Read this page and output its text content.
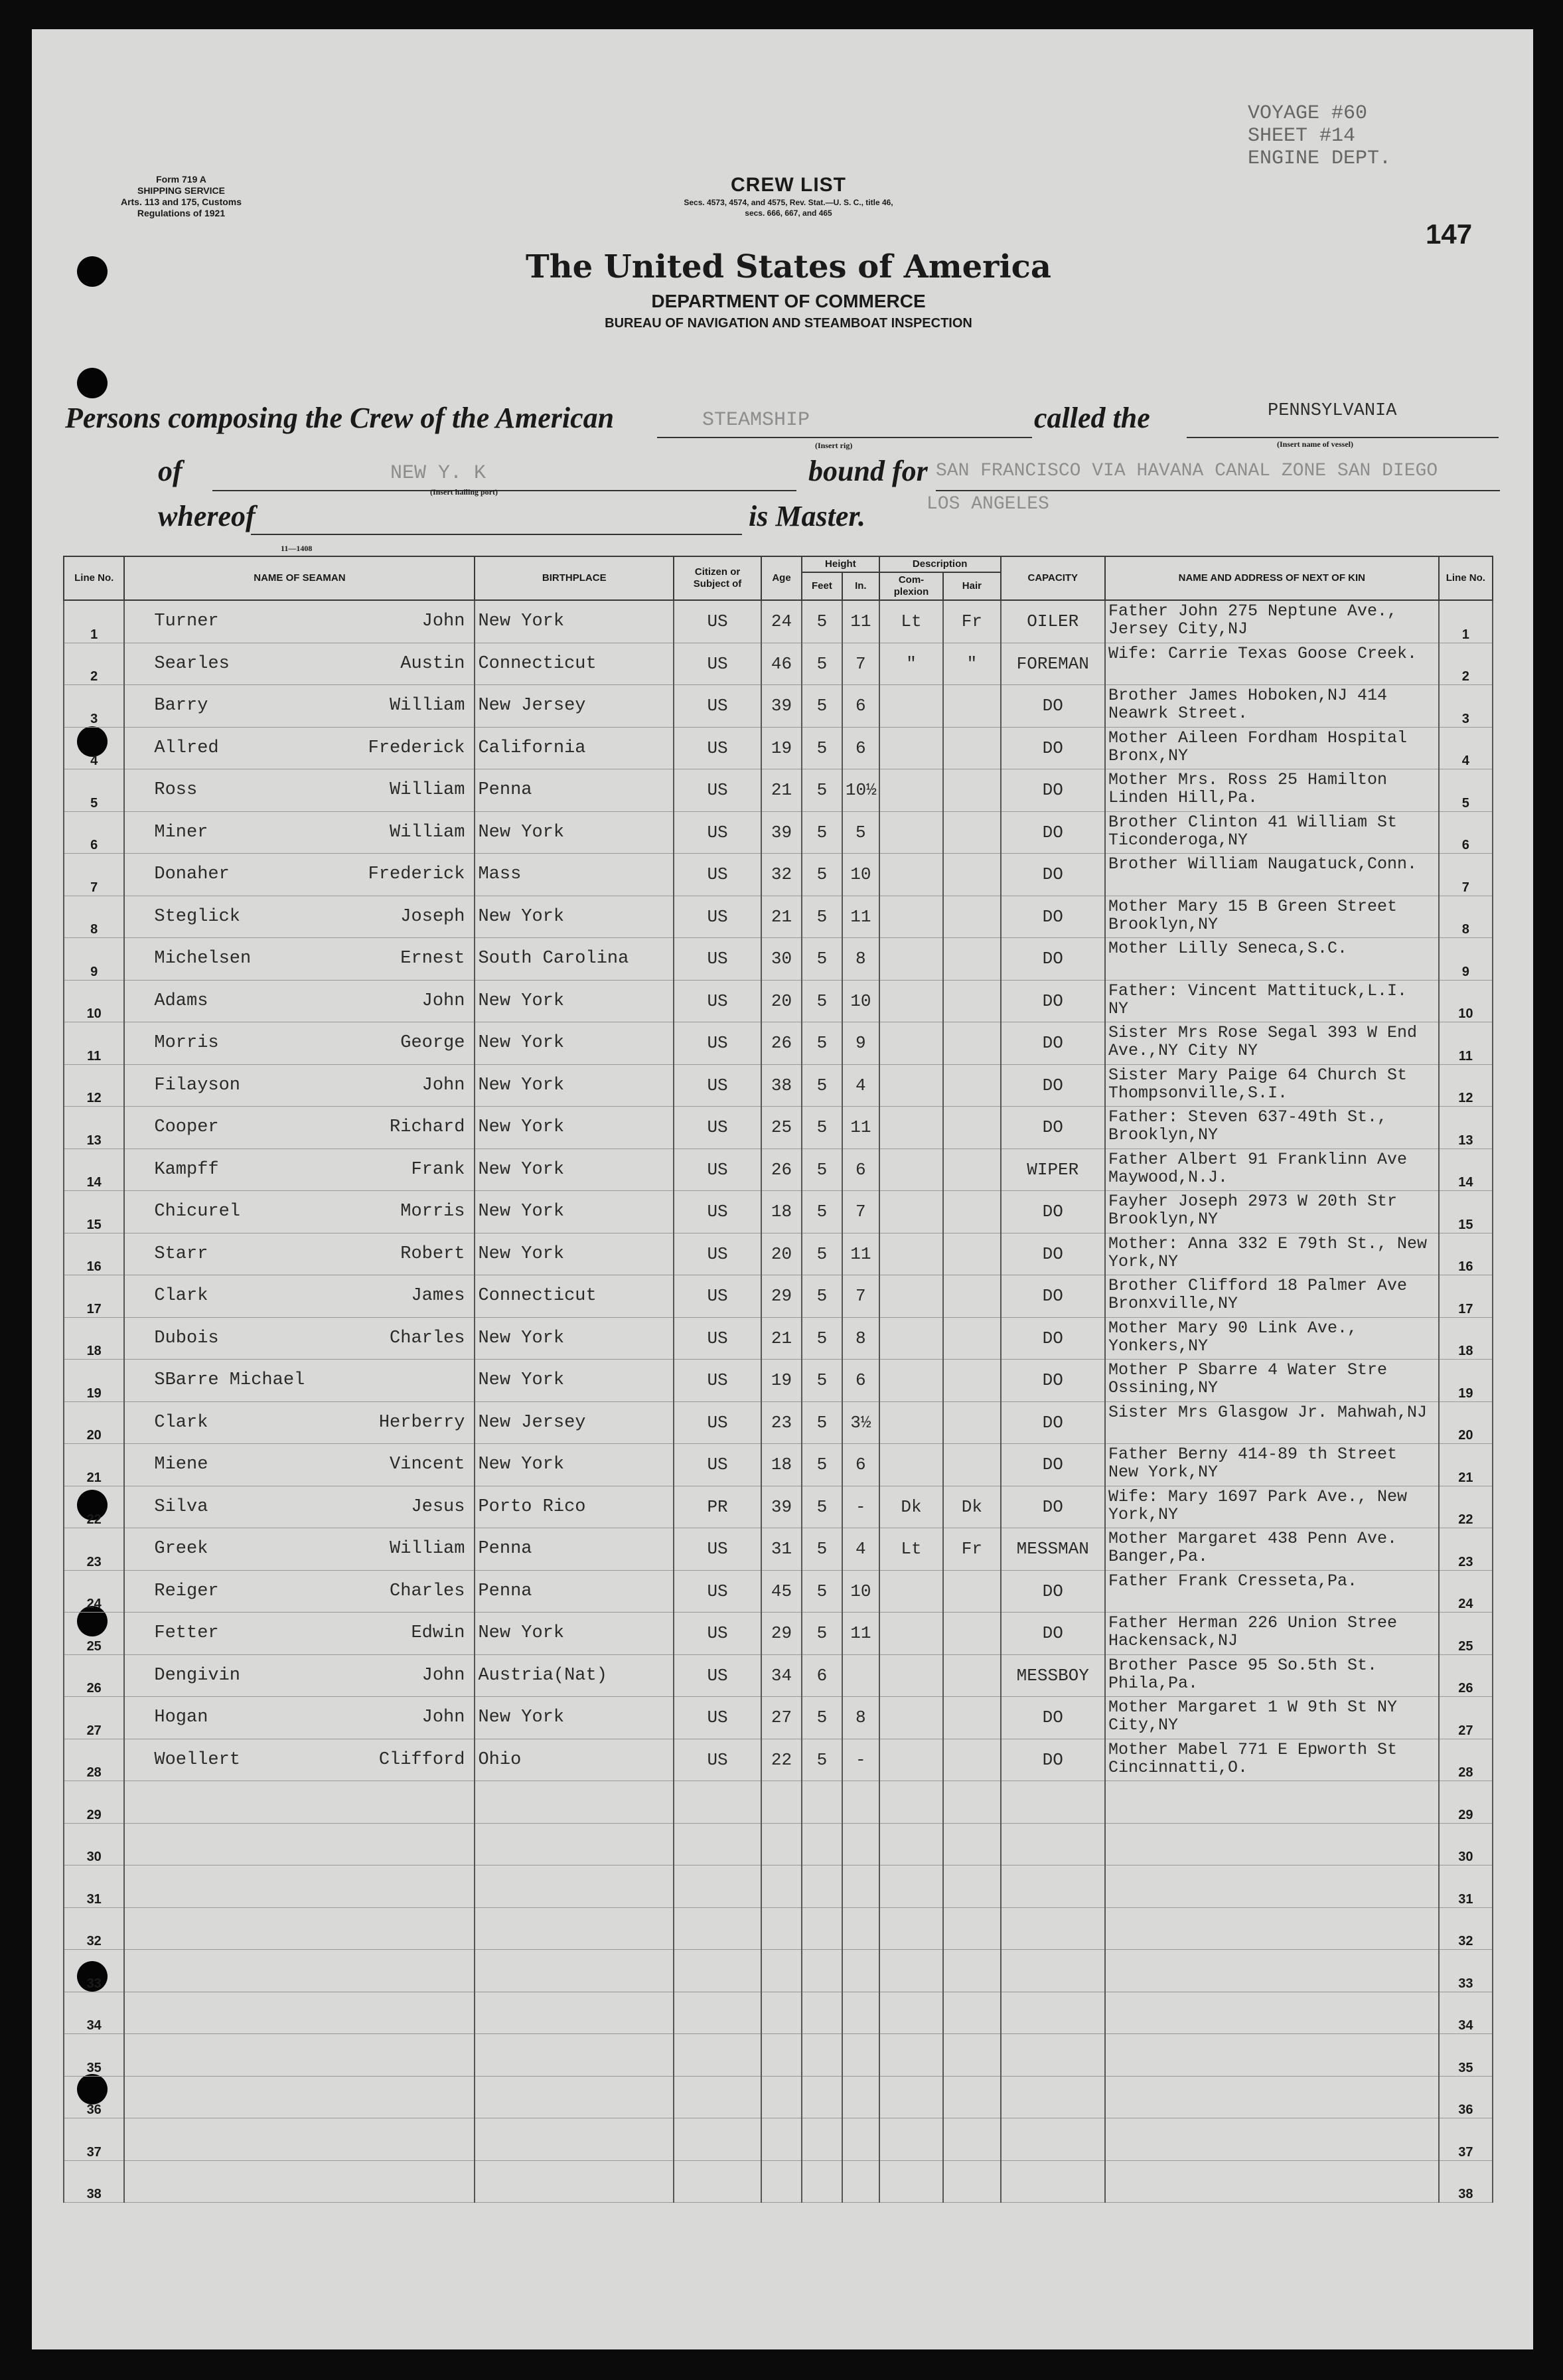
Form 719 A
SHIPPING SERVICE
Arts. 113 and 175, Customs Regulations of 1921
CREW LIST
Secs. 4573, 4574, and 4575, Rev. Stat.—U. S. C., title 46,
secs. 666, 667, and 465
The United States of America
DEPARTMENT OF COMMERCE
BUREAU OF NAVIGATION AND STEAMBOAT INSPECTION
VOYAGE #60
SHEET #14
ENGINE DEPT.
147
Persons composing the Crew of the American	STEAMSHIP
(Insert rig)
called the	PENNSYLVANIA
(Insert name of vessel)
of	NEW Y. K
(Insert hailing port)
bound for SAN FRANCISCO VIA HAVANA CANAL ZONE SAN DIEGO
whereof	is Master.	LOS ANGELES
11—1408
Line No.	NAME OF SEAMAN	BIRTHPLACE	Citizen or Subject of	Age	Height		Description		CAPACITY	NAME AND ADDRESS OF NEXT OF KIN	Line No.
					Feet	In.	Com-plexion	Hair			
1	Turner John	New York	US	24	5	11	Lt	Fr	OILER	Father John 275 Neptune Ave., Jersey City,NJ	1
2	Searles Austin	Connecticut	US	46	5	7	"	"	FOREMAN	Wife: Carrie Texas Goose Creek.	2
3	Barry William	New Jersey	US	39	5	6			DO	Brother James Hoboken,NJ 414 Neawrk Street.	3
4	Allred Frederick	California	US	19	5	6			DO	Mother Aileen Fordham Hospital Bronx,NY	4
5	Ross William	Penna	US	21	5	10½			DO	Mother Mrs. Ross 25 Hamilton Linden Hill,Pa.	5
6	Miner William	New York	US	39	5	5			DO	Brother Clinton 41 William St Ticonderoga,NY	6
7	Donaher Frederick	Mass	US	32	5	10			DO	Brother William Naugatuck,Conn.	7
8	Steglick Joseph	New York	US	21	5	11			DO	Mother Mary 15 B Green Street Brooklyn,NY	8
9	Michelsen Ernest	South Carolina	US	30	5	8			DO	Mother Lilly Seneca,S.C.	9
10	Adams John	New York	US	20	5	10			DO	Father: Vincent Mattituck,L.I. NY	10
11	Morris George	New York	US	26	5	9			DO	Sister Mrs Rose Segal 393 W End Ave.,NY City NY	11
12	Filayson John	New York	US	38	5	4			DO	Sister Mary Paige 64 Church St Thompsonville,S.I.	12
13	Cooper Richard	New York	US	25	5	11			DO	Father: Steven 637-49th St., Brooklyn,NY	13
14	Kampff Frank	New York	US	26	5	6			WIPER	Father Albert 91 Franklinn Ave Maywood,N.J.	14
15	Chicurel Morris	New York	US	18	5	7			DO	Fayher Joseph 2973 W 20th Str Brooklyn,NY	15
16	Starr Robert	New York	US	20	5	11			DO	Mother: Anna 332 E 79th St., New York,NY	16
17	Clark James	Connecticut	US	29	5	7			DO	Brother Clifford 18 Palmer Ave Bronxville,NY	17
18	Dubois Charles	New York	US	21	5	8			DO	Mother Mary 90 Link Ave., Yonkers,NY	18
19	SBarre Michael	New York	US	19	5	6			DO	Mother P Sbarre 4 Water Stre Ossining,NY	19
20	Clark Herberry	New Jersey	US	23	5	3½			DO	Sister Mrs Glasgow Jr. Mahwah,NJ	20
21	Miene Vincent	New York	US	18	5	6			DO	Father Berny 414-89 th Street New York,NY	21
22	Silva Jesus	Porto Rico	PR	39	5	-	Dk	Dk	DO	Wife: Mary 1697 Park Ave., New York,NY	22
23	Greek William	Penna	US	31	5	4	Lt	Fr	MESSMAN	Mother Margaret 438 Penn Ave. Banger,Pa.	23
24	Reiger Charles	Penna	US	45	5	10			DO	Father Frank Cresseta,Pa.	24
25	Fetter Edwin	New York	US	29	5	11			DO	Father Herman 226 Union Stree Hackensack,NJ	25
26	Dengivin John	Austria(Nat)	US	34	6				MESSBOY	Brother Pasce 95 So.5th St. Phila,Pa.	26
27	Hogan John	New York	US	27	5	8			DO	Mother Margaret 1 W 9th St NY City,NY	27
28	Woellert Clifford	Ohio	US	22	5	-			DO	Mother Mabel 771 E Epworth St Cincinnatti,O.	28
29											29
30											30
31											31
32											32
33											33
34											34
35											35
36											36
37											37
38											38
